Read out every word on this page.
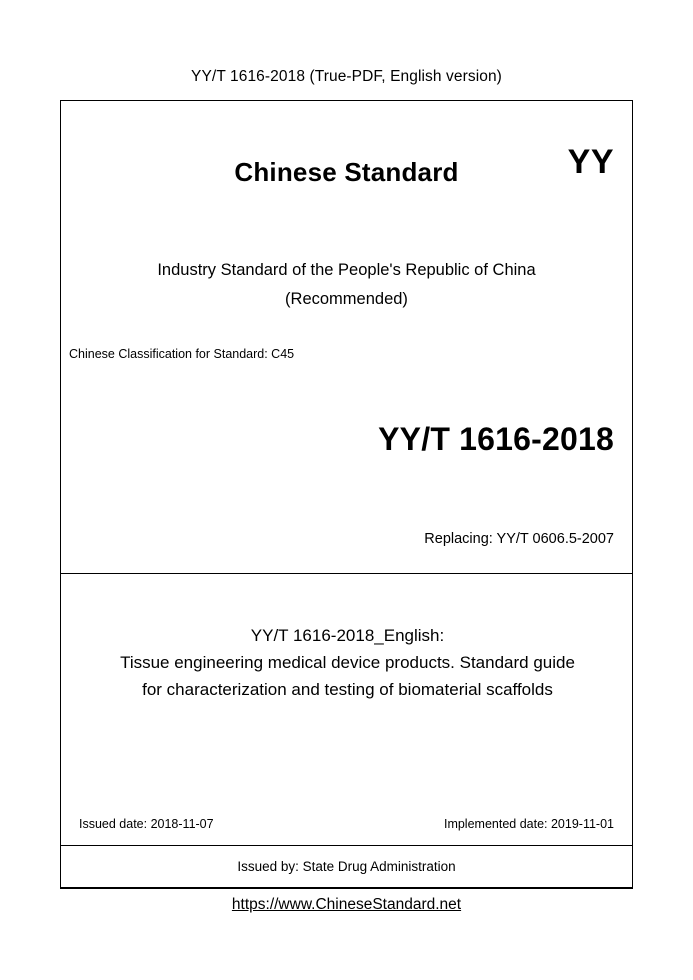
YY/T 1616-2018 (True-PDF, English version)
Chinese Standard	YY
Industry Standard of the People's Republic of China
(Recommended)
Chinese Classification for Standard: C45
YY/T 1616-2018
Replacing: YY/T 0606.5-2007
YY/T 1616-2018_English:
Tissue engineering medical device products. Standard guide
for characterization and testing of biomaterial scaffolds
Issued date: 2018-11-07	Implemented date: 2019-11-01
Issued by: State Drug Administration
https://www.ChineseStandard.net
